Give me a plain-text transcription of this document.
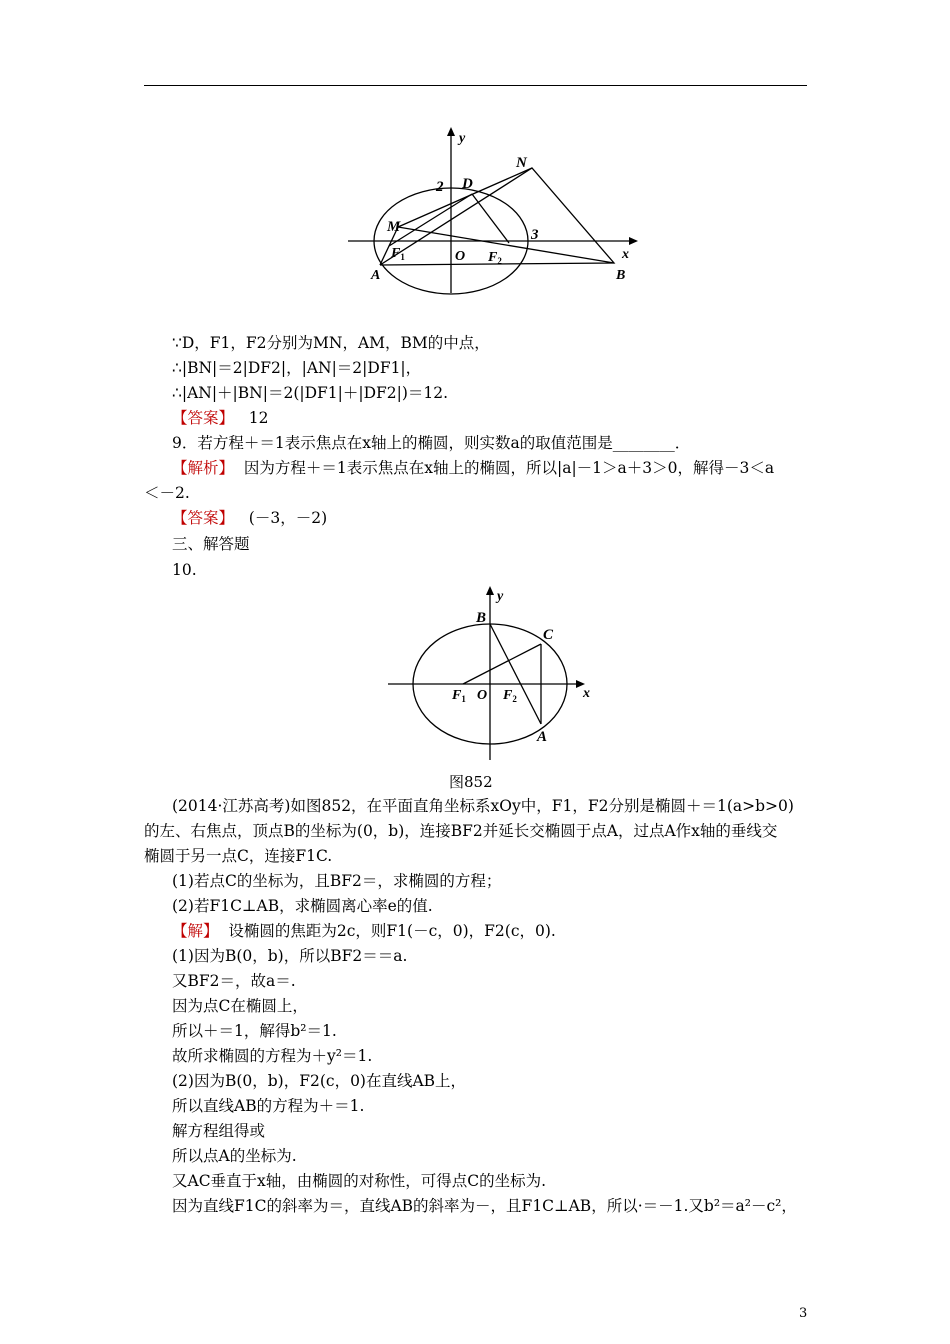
y
x
N
D
2
M	3
$F_1$	O $F_2$
A	B
∵D，F1，F2分别为MN，AM，BM的中点，
∴|BN|＝2|DF2|，|AN|＝2|DF1|，
∴|AN|＋|BN|＝2(|DF1|＋|DF2|)＝12.
【答案】 12
9．若方程＋＝1表示焦点在x轴上的椭圆，则实数a的取值范围是________．
【解析】 因为方程＋＝1表示焦点在x轴上的椭圆，所以|a|－1＞a＋3＞0，解得－3＜a
＜－2.
【答案】 (－3，－2)
三、解答题
10.
y
B
C
$F_1$ O $F_2$	x
A
图852
(2014·江苏高考)如图852，在平面直角坐标系xOy中，F1，F2分别是椭圆＋＝1(a>b>0)
的左、右焦点，顶点B的坐标为(0，b)，连接BF2并延长交椭圆于点A，过点A作x轴的垂线交
椭圆于另一点C，连接F1C.
(1)若点C的坐标为，且BF2＝，求椭圆的方程；
(2)若F1C⊥AB，求椭圆离心率e的值.
【解】 设椭圆的焦距为2c，则F1(－c，0)，F2(c，0).
(1)因为B(0，b)，所以BF2＝＝a.
又BF2＝，故a＝.
因为点C在椭圆上，
所以＋＝1，解得b²＝1.
故所求椭圆的方程为＋y²＝1.
(2)因为B(0，b)，F2(c，0)在直线AB上，
所以直线AB的方程为＋＝1.
解方程组得或
所以点A的坐标为.
又AC垂直于x轴，由椭圆的对称性，可得点C的坐标为.
因为直线F1C的斜率为＝，直线AB的斜率为－，且F1C⊥AB，所以·＝－1.又b²＝a²－c²，
3
